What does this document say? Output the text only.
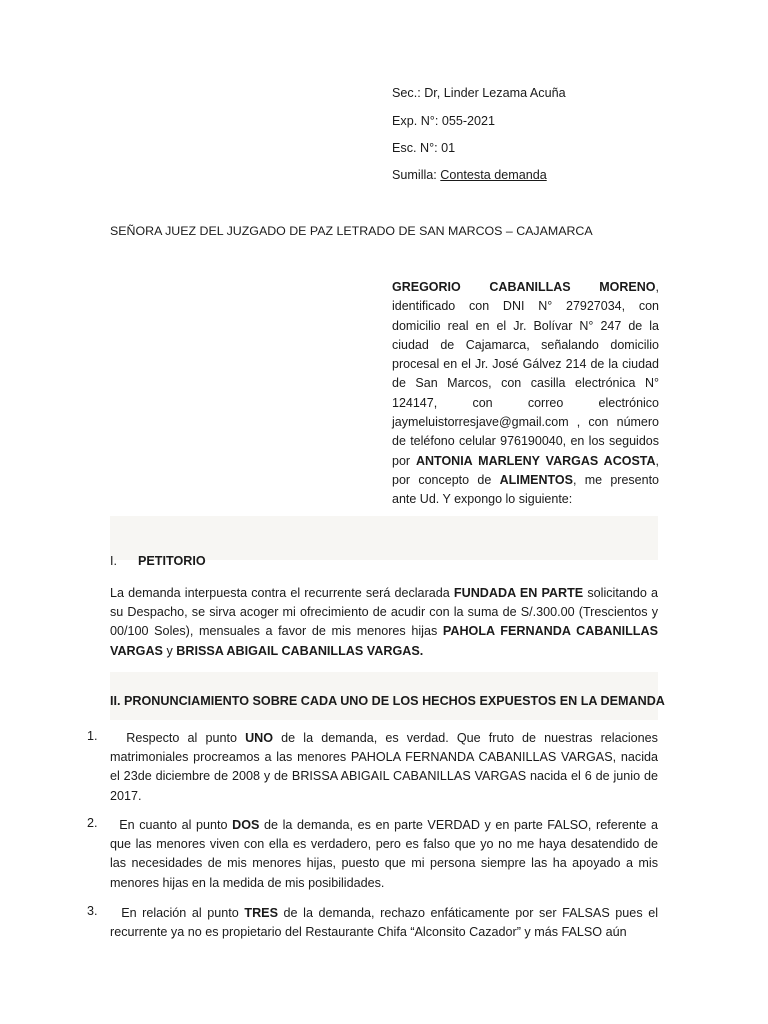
Sec.: Dr, Linder Lezama Acuña
Exp. N°: 055-2021
Esc. N°: 01
Sumilla: Contesta demanda
SEÑORA JUEZ DEL JUZGADO DE PAZ LETRADO DE SAN MARCOS – CAJAMARCA
GREGORIO CABANILLAS MORENO, identificado con DNI N° 27927034, con domicilio real en el Jr. Bolívar N° 247 de la ciudad de Cajamarca, señalando domicilio procesal en el Jr. José Gálvez 214 de la ciudad de San Marcos, con casilla electrónica N° 124147, con correo electrónico jaymeluistorresjave@gmail.com , con número de teléfono celular 976190040, en los seguidos por ANTONIA MARLENY VARGAS ACOSTA, por concepto de ALIMENTOS, me presento ante Ud. Y expongo lo siguiente:
I. PETITORIO
La demanda interpuesta contra el recurrente será declarada FUNDADA EN PARTE solicitando a su Despacho, se sirva acoger mi ofrecimiento de acudir con la suma de S/.300.00 (Trescientos y 00/100 Soles), mensuales a favor de mis menores hijas PAHOLA FERNANDA CABANILLAS VARGAS y BRISSA ABIGAIL CABANILLAS VARGAS.
II. PRONUNCIAMIENTO SOBRE CADA UNO DE LOS HECHOS EXPUESTOS EN LA DEMANDA
1.	Respecto al punto UNO de la demanda, es verdad. Que fruto de nuestras relaciones matrimoniales procreamos a las menores PAHOLA FERNANDA CABANILLAS VARGAS, nacida el 23de diciembre de 2008 y de BRISSA ABIGAIL CABANILLAS VARGAS nacida el 6 de junio de 2017.
2.	En cuanto al punto DOS de la demanda, es en parte VERDAD y en parte FALSO, referente a que las menores viven con ella es verdadero, pero es falso que yo no me haya desatendido de las necesidades de mis menores hijas, puesto que mi persona siempre las ha apoyado a mis menores hijas en la medida de mis posibilidades.
3.	En relación al punto TRES de la demanda, rechazo enfáticamente por ser FALSAS pues el recurrente ya no es propietario del Restaurante Chifa “Alconsito Cazador” y más FALSO aún
